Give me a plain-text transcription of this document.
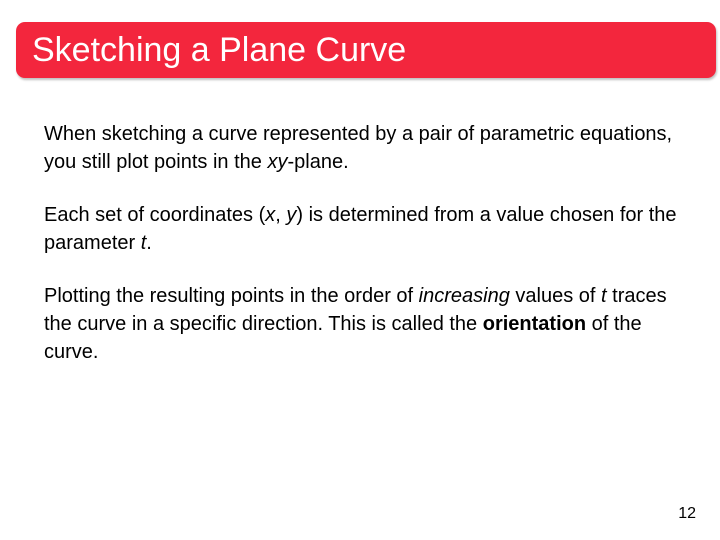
Sketching a Plane Curve

When sketching a curve represented by a pair of parametric equations, you still plot points in the xy-plane.

Each set of coordinates (x, y) is determined from a value chosen for the parameter t.

Plotting the resulting points in the order of increasing values of t traces the curve in a specific direction. This is called the orientation of the curve.

12
